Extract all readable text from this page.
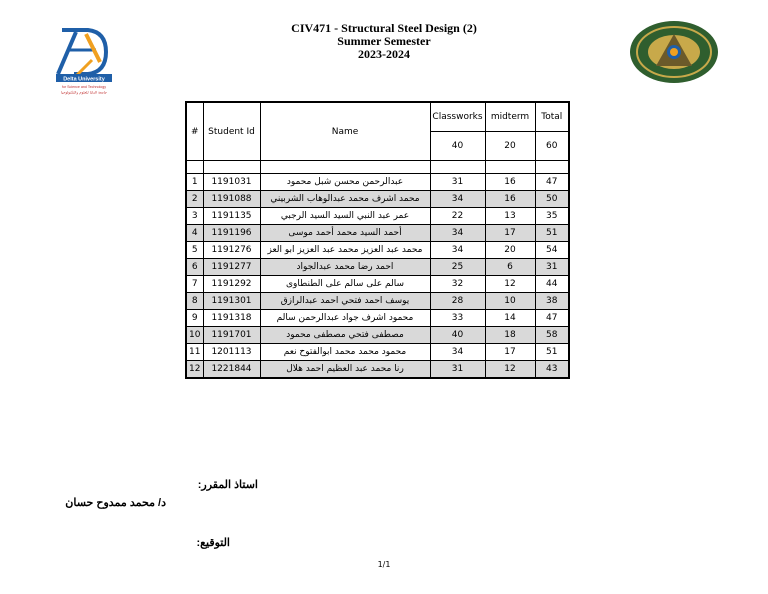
Delta University
for Science and Technology
جامعة الدلتا للعلوم والتكنولوجيا
CIV471 - Structural Steel Design (2)
Summer Semester
2023-2024
#	Student Id	Name	Classworks	midterm	Total
			40	20	60

1	1191031	عبدالرحمن محسن شبل محمود	31	16	47
2	1191088	محمد اشرف محمد عبدالوهاب الشربيني	34	16	50
3	1191135	عمر عبد النبي السيد السيد الرجبي	22	13	35
4	1191196	أحمد السيد محمد أحمد موسى	34	17	51
5	1191276	محمد عبد العزيز محمد عبد العزيز ابو العز	34	20	54
6	1191277	احمد رضا محمد عبدالجواد	25	6	31
7	1191292	سالم على سالم على الطنطاوى	32	12	44
8	1191301	يوسف احمد فتحي احمد عبدالرازق	28	10	38
9	1191318	محمود اشرف جواد عبدالرحمن سالم	33	14	47
10	1191701	مصطفى فتحي مصطفى محمود	40	18	58
11	1201113	محمود محمد محمد ابوالفتوح نعم	34	17	51
12	1221844	رنا محمد عبد العظيم احمد هلال	31	12	43
استاذ المقرر:
د/ محمد ممدوح حسان
التوقيع:
1/1
